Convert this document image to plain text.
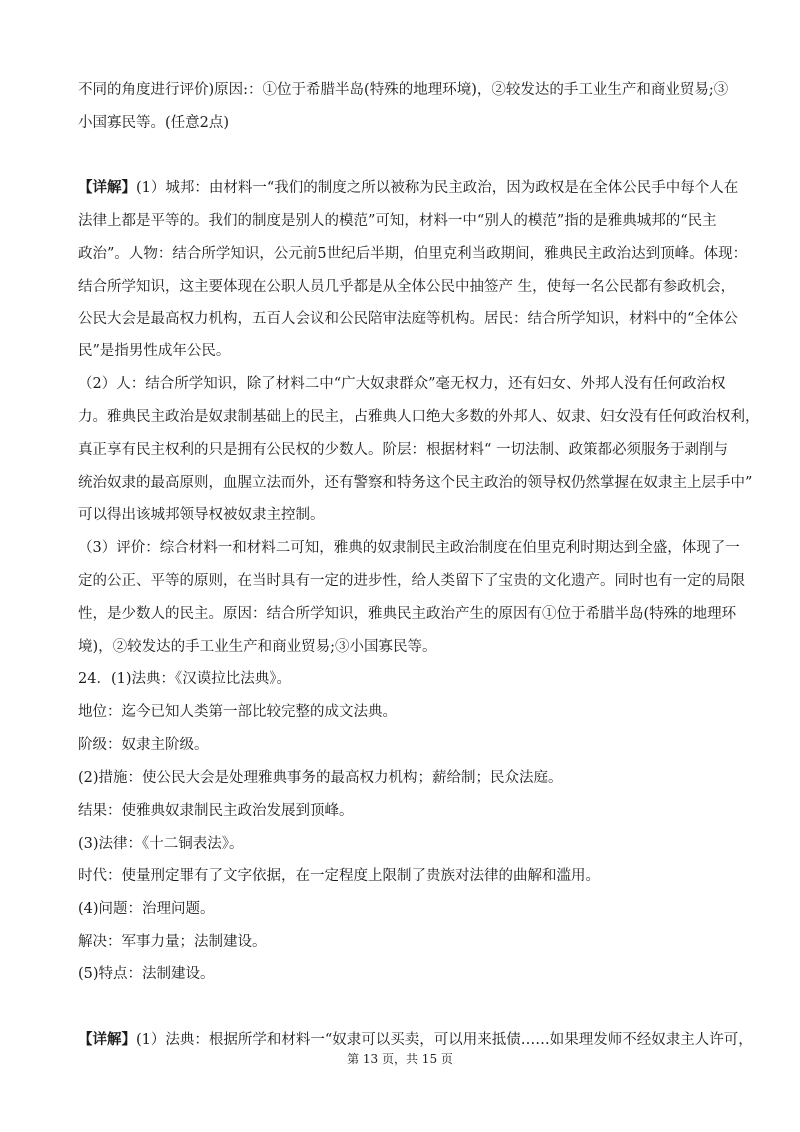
不同的角度进行评价)原因:：①位于希腊半岛(特殊的地理环境)，②较发达的手工业生产和商业贸易;③
小国寡民等。(任意2点)
【详解】(1）城邦：由材料一“我们的制度之所以被称为民主政治，因为政权是在全体公民手中每个人在
法律上都是平等的。我们的制度是别人的模范”可知，材料一中“别人的模范”指的是雅典城邦的“民主
政治”。人物：结合所学知识，公元前5世纪后半期，伯里克利当政期间，雅典民主政治达到顶峰。体现：
结合所学知识，这主要体现在公职人员几乎都是从全体公民中抽签产 生，使每一名公民都有参政机会，
公民大会是最高权力机构，五百人会议和公民陪审法庭等机构。居民：结合所学知识，材料中的“全体公
民”是指男性成年公民。
（2）人：结合所学知识，除了材料二中“广大奴隶群众”毫无权力，还有妇女、外邦人没有任何政治权
力。雅典民主政治是奴隶制基础上的民主，占雅典人口绝大多数的外邦人、奴隶、妇女没有任何政治权利，
真正享有民主权利的只是拥有公民权的少数人。阶层：根据材料“ 一切法制、政策都必须服务于剥削与
统治奴隶的最高原则，血腥立法而外，还有警察和特务这个民主政治的领导权仍然掌握在奴隶主上层手中”
可以得出该城邦领导权被奴隶主控制。
（3）评价：综合材料一和材料二可知，雅典的奴隶制民主政治制度在伯里克利时期达到全盛，体现了一
定的公正、平等的原则，在当时具有一定的进步性，给人类留下了宝贵的文化遗产。同时也有一定的局限
性，是少数人的民主。原因：结合所学知识，雅典民主政治产生的原因有①位于希腊半岛(特殊的地理环
境)，②较发达的手工业生产和商业贸易;③小国寡民等。
24．(1)法典：《汉谟拉比法典》。
地位：迄今已知人类第一部比较完整的成文法典。
阶级：奴隶主阶级。
(2)措施：使公民大会是处理雅典事务的最高权力机构；薪给制；民众法庭。
结果：使雅典奴隶制民主政治发展到顶峰。
(3)法律：《十二铜表法》。
时代：使量刑定罪有了文字依据，在一定程度上限制了贵族对法律的曲解和滥用。
(4)问题：治理问题。
解决：军事力量；法制建设。
(5)特点：法制建设。
【详解】(1）法典：根据所学和材料一“奴隶可以买卖，可以用来抵债……如果理发师不经奴隶主人许可，
第 13 页，共 15 页
